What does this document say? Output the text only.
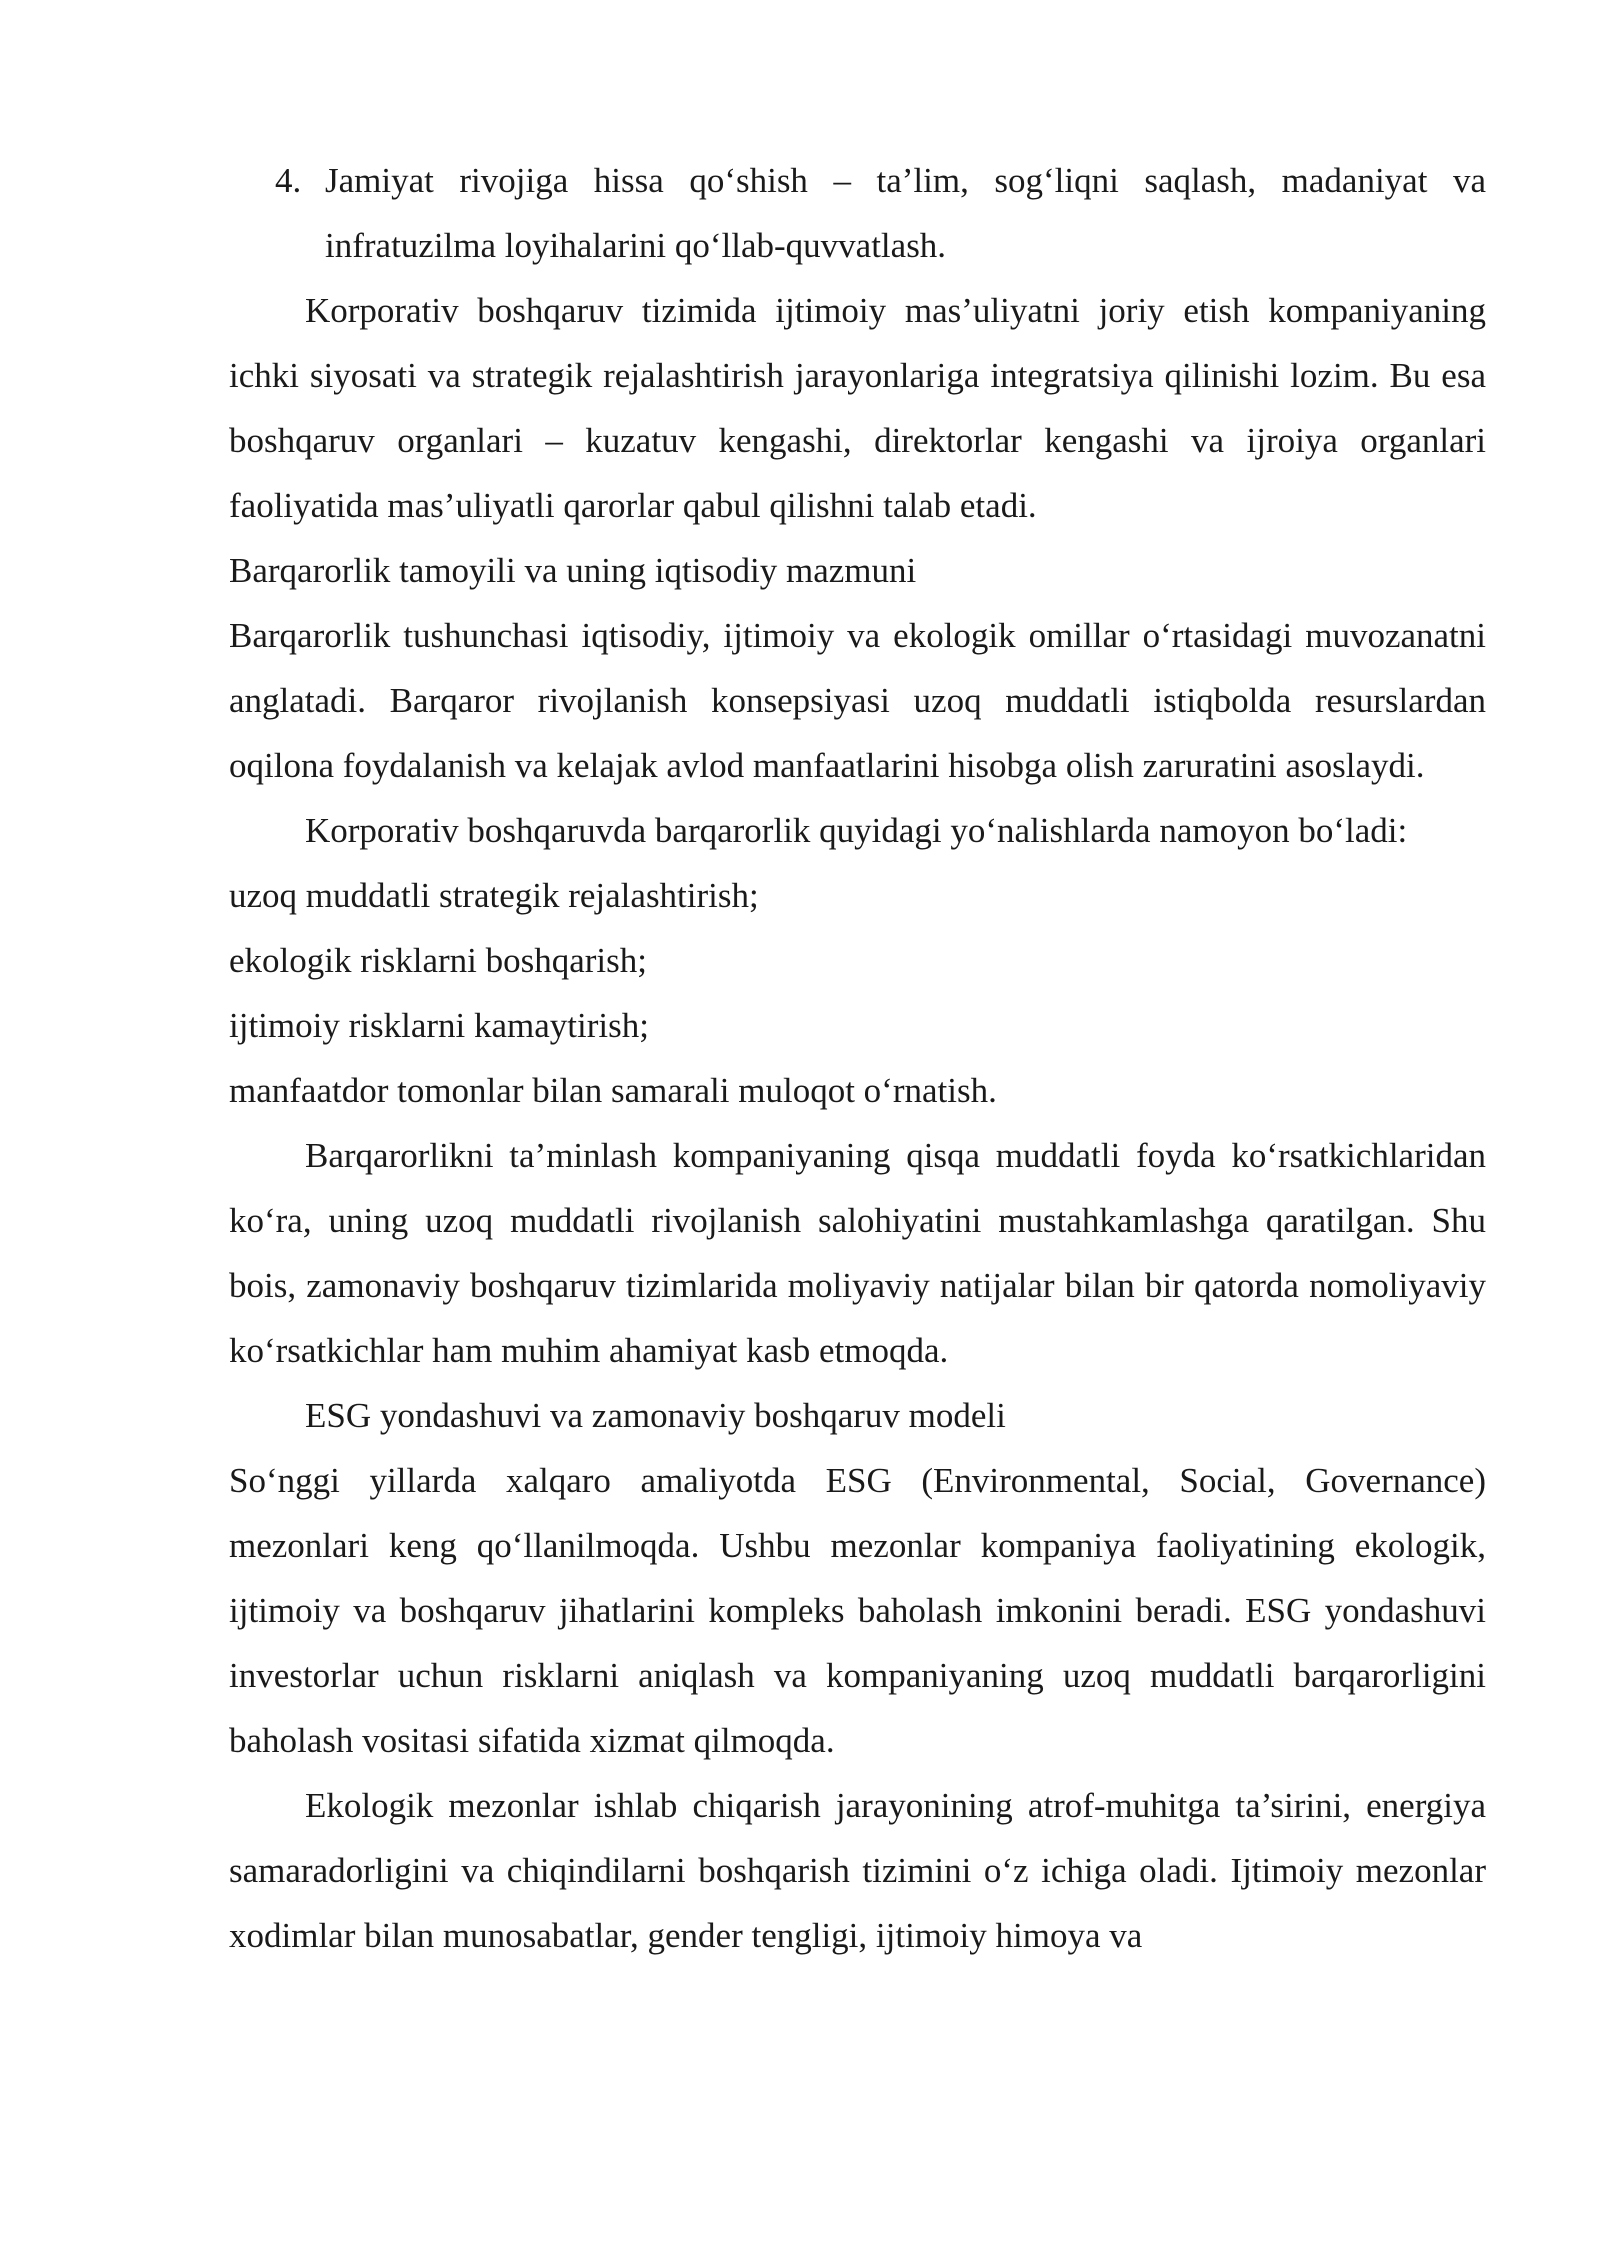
4. Jamiyat rivojiga hissa qo‘shish – ta’lim, sog‘liqni saqlash, madaniyat va infratuzilma loyihalarini qo‘llab-quvvatlash.

Korporativ boshqaruv tizimida ijtimoiy mas’uliyatni joriy etish kompaniyaning ichki siyosati va strategik rejalashtirish jarayonlariga integratsiya qilinishi lozim. Bu esa boshqaruv organlari – kuzatuv kengashi, direktorlar kengashi va ijroiya organlari faoliyatida mas’uliyatli qarorlar qabul qilishni talab etadi.

Barqarorlik tamoyili va uning iqtisodiy mazmuni

Barqarorlik tushunchasi iqtisodiy, ijtimoiy va ekologik omillar o‘rtasidagi muvozanatni anglatadi. Barqaror rivojlanish konsepsiyasi uzoq muddatli istiqbolda resurslardan oqilona foydalanish va kelajak avlod manfaatlarini hisobga olish zaruratini asoslaydi.

Korporativ boshqaruvda barqarorlik quyidagi yo‘nalishlarda namoyon bo‘ladi:

uzoq muddatli strategik rejalashtirish;

ekologik risklarni boshqarish;

ijtimoiy risklarni kamaytirish;

manfaatdor tomonlar bilan samarali muloqot o‘rnatish.

Barqarorlikni ta’minlash kompaniyaning qisqa muddatli foyda ko‘rsatkichlaridan ko‘ra, uning uzoq muddatli rivojlanish salohiyatini mustahkamlashga qaratilgan. Shu bois, zamonaviy boshqaruv tizimlarida moliyaviy natijalar bilan bir qatorda nomoliyaviy ko‘rsatkichlar ham muhim ahamiyat kasb etmoqda.

ESG yondashuvi va zamonaviy boshqaruv modeli

So‘nggi yillarda xalqaro amaliyotda ESG (Environmental, Social, Governance) mezonlari keng qo‘llanilmoqda. Ushbu mezonlar kompaniya faoliyatining ekologik, ijtimoiy va boshqaruv jihatlarini kompleks baholash imkonini beradi. ESG yondashuvi investorlar uchun risklarni aniqlash va kompaniyaning uzoq muddatli barqarorligini baholash vositasi sifatida xizmat qilmoqda.

Ekologik mezonlar ishlab chiqarish jarayonining atrof-muhitga ta’sirini, energiya samaradorligini va chiqindilarni boshqarish tizimini o‘z ichiga oladi. Ijtimoiy mezonlar xodimlar bilan munosabatlar, gender tengligi, ijtimoiy himoya va
